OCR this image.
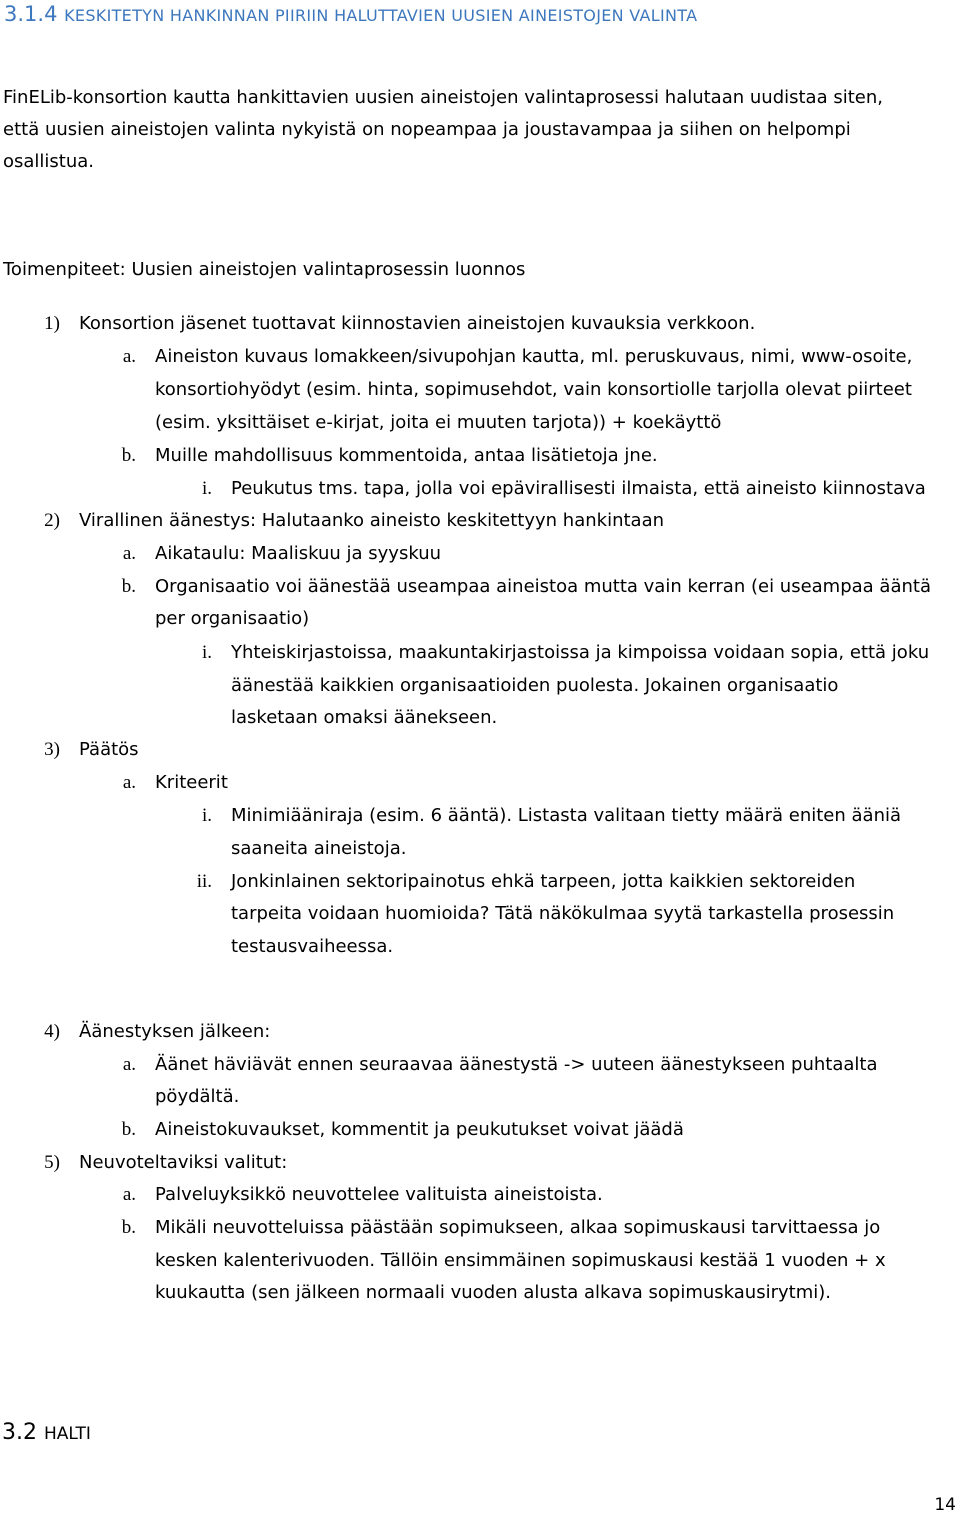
3.1.4 KESKITETYN HANKINNAN PIIRIIN HALUTTAVIEN UUSIEN AINEISTOJEN VALINTA
FinELib-konsortion kautta hankittavien uusien aineistojen valintaprosessi halutaan uudistaa siten,
että uusien aineistojen valinta nykyistä on nopeampaa ja joustavampaa ja siihen on helpompi
osallistua.
Toimenpiteet: Uusien aineistojen valintaprosessin luonnos
1) Konsortion jäsenet tuottavat kiinnostavien aineistojen kuvauksia verkkoon.
a. Aineiston kuvaus lomakkeen/sivupohjan kautta, ml. peruskuvaus, nimi, www-osoite,
konsortiohyödyt (esim. hinta, sopimusehdot, vain konsortiolle tarjolla olevat piirteet
(esim. yksittäiset e-kirjat, joita ei muuten tarjota)) + koekäyttö
b. Muille mahdollisuus kommentoida, antaa lisätietoja jne.
i. Peukutus tms. tapa, jolla voi epävirallisesti ilmaista, että aineisto kiinnostava
2) Virallinen äänestys: Halutaanko aineisto keskitettyyn hankintaan
a. Aikataulu: Maaliskuu ja syyskuu
b. Organisaatio voi äänestää useampaa aineistoa mutta vain kerran (ei useampaa ääntä
per organisaatio)
i. Yhteiskirjastoissa, maakuntakirjastoissa ja kimpoissa voidaan sopia, että joku
äänestää kaikkien organisaatioiden puolesta. Jokainen organisaatio
lasketaan omaksi äänekseen.
3) Päätös
a. Kriteerit
i. Minimiääniraja (esim. 6 ääntä). Listasta valitaan tietty määrä eniten ääniä
saaneita aineistoja.
ii. Jonkinlainen sektoripainotus ehkä tarpeen, jotta kaikkien sektoreiden
tarpeita voidaan huomioida? Tätä näkökulmaa syytä tarkastella prosessin
testausvaiheessa.
4) Äänestyksen jälkeen:
a. Äänet häviävät ennen seuraavaa äänestystä -> uuteen äänestykseen puhtaalta
pöydältä.
b. Aineistokuvaukset, kommentit ja peukutukset voivat jäädä
5) Neuvoteltaviksi valitut:
a. Palveluyksikkö neuvottelee valituista aineistoista.
b. Mikäli neuvotteluissa päästään sopimukseen, alkaa sopimuskausi tarvittaessa jo
kesken kalenterivuoden. Tällöin ensimmäinen sopimuskausi kestää 1 vuoden + x
kuukautta (sen jälkeen normaali vuoden alusta alkava sopimuskausirytmi).
3.2 HALTI
14
